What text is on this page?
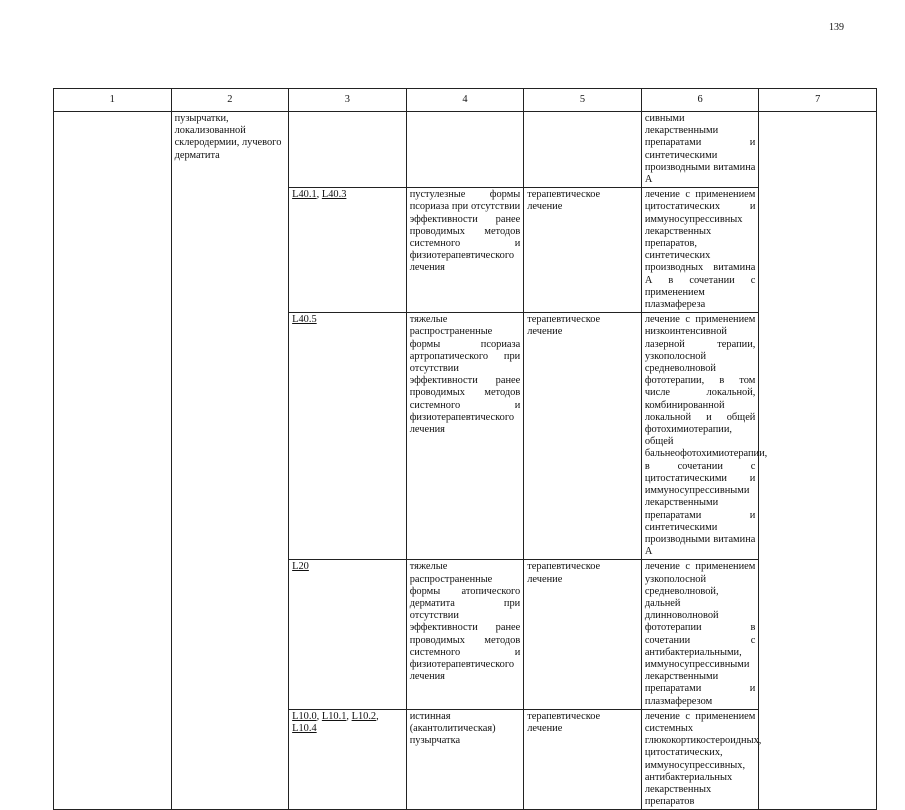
139
1	2	3	4	5	6	7
	пузырчатки, локализованной склеродермии, лучевого дерматита				сивными лекарственными препаратами и синтетическими производными витамина А	
		L40.1, L40.3	пустулезные формы псориаза при отсутствии эффективности ранее проводимых методов системного и физиотерапевтического лечения	терапевтическое лечение	лечение с применением цитостатических и иммуносупрессивных лекарственных препаратов, синтетических производных витамина А в сочетании с применением плазмафереза	
		L40.5	тяжелые распространенные формы псориаза артропатического при отсутствии эффективности ранее проводимых методов системного и физиотерапевтического лечения	терапевтическое лечение	лечение с применением низкоинтенсивной лазерной терапии, узкополосной средневолновой фототерапии, в том числе локальной, комбинированной локальной и общей фотохимиотерапии, общей бальнеофотохимиотерапии, в сочетании с цитостатическими и иммуносупрессивными лекарственными препаратами и синтетическими производными витамина А	
		L20	тяжелые распространенные формы атопического дерматита при отсутствии эффективности ранее проводимых методов системного и физиотерапевтического лечения	терапевтическое лечение	лечение с применением узкополосной средневолновой, дальней длинноволновой фототерапии в сочетании с антибактериальными, иммуносупрессивными лекарственными препаратами и плазмаферезом	
		L10.0, L10.1, L10.2, L10.4	истинная (акантолитическая) пузырчатка	терапевтическое лечение	лечение с применением системных глюкокортикостероидных, цитостатических, иммуносупрессивных, антибактериальных лекарственных препаратов	
